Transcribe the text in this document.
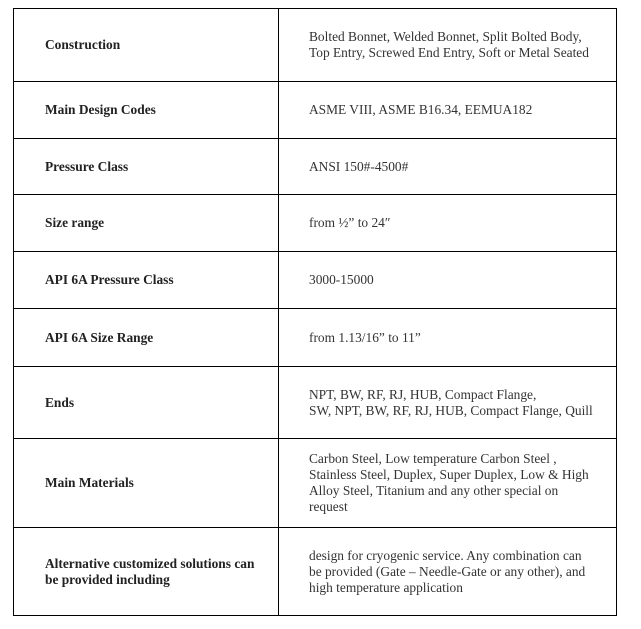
Construction	Bolted Bonnet, Welded Bonnet, Split Bolted Body, Top Entry, Screwed End Entry, Soft or Metal Seated
Main Design Codes	ASME VIII, ASME B16.34, EEMUA182
Pressure Class	ANSI 150#-4500#
Size range	from ½” to 24″
API 6A Pressure Class	3000-15000
API 6A Size Range	from 1.13/16” to 11”
Ends	NPT, BW, RF, RJ, HUB, Compact Flange,
SW, NPT, BW, RF, RJ, HUB, Compact Flange, Quill

Main Materials	Carbon Steel, Low temperature Carbon Steel , Stainless Steel, Duplex, Super Duplex, Low & High Alloy Steel, Titanium and any other special on request
Alternative customized solutions can be provided including	design for cryogenic service. Any combination can be provided (Gate – Needle-Gate or any other), and high temperature application
